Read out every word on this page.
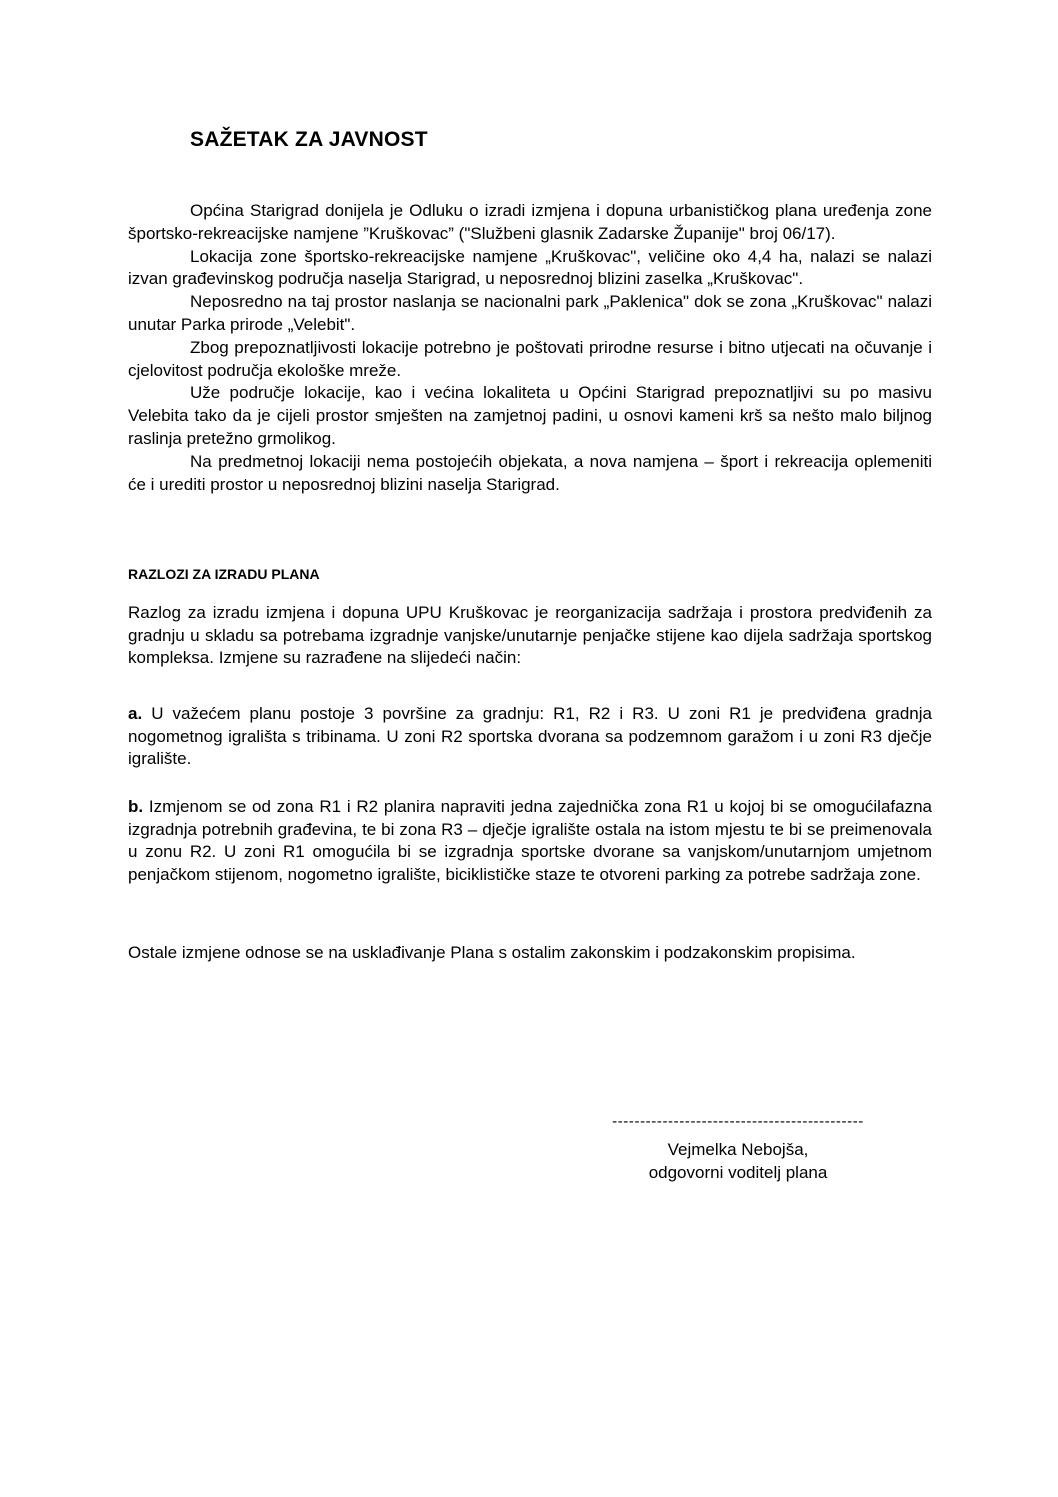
SAŽETAK ZA JAVNOST

Općina Starigrad donijela je Odluku o izradi izmjena i dopuna urbanističkog plana uređenja zone športsko-rekreacijske namjene ”Kruškovac” ("Službeni glasnik Zadarske Županije" broj 06/17).

Lokacija zone športsko-rekreacijske namjene „Kruškovac", veličine oko 4,4 ha, nalazi se nalazi izvan građevinskog područja naselja Starigrad, u neposrednoj blizini zaselka „Kruškovac".

Neposredno na taj prostor naslanja se nacionalni park „Paklenica" dok se zona „Kruškovac" nalazi unutar Parka prirode „Velebit".

Zbog prepoznatljivosti lokacije potrebno je poštovati prirodne resurse i bitno utjecati na očuvanje i cjelovitost područja ekološke mreže.

Uže područje lokacije, kao i većina lokaliteta u Općini Starigrad prepoznatljivi su po masivu Velebita tako da je cijeli prostor smješten na zamjetnoj padini, u osnovi kameni krš sa nešto malo biljnog raslinja pretežno grmolikog.

Na predmetnoj lokaciji nema postojećih objekata, a nova namjena – šport i rekreacija oplemeniti će i urediti prostor u neposrednoj blizini naselja Starigrad.

RAZLOZI ZA IZRADU PLANA

Razlog za izradu izmjena i dopuna UPU Kruškovac je reorganizacija sadržaja i prostora predviđenih za gradnju u skladu sa potrebama izgradnje vanjske/unutarnje penjačke stijene kao dijela sadržaja sportskog kompleksa. Izmjene su razrađene na slijedeći način:

a. U važećem planu postoje 3 površine za gradnju: R1, R2 i R3. U zoni R1 je predviđena gradnja nogometnog igrališta s tribinama. U zoni R2 sportska dvorana sa podzemnom garažom i u zoni R3 dječje igralište.

b. Izmjenom se od zona R1 i R2 planira napraviti jedna zajednička zona R1 u kojoj bi se omogućilafazna izgradnja potrebnih građevina, te bi zona R3 – dječje igralište ostala na istom mjestu te bi se preimenovala u zonu R2. U zoni R1 omogućila bi se izgradnja sportske dvorane sa vanjskom/unutarnjom umjetnom penjačkom stijenom, nogometno igralište, biciklističke staze te otvoreni parking za potrebe sadržaja zone.

Ostale izmjene odnose se na usklađivanje Plana s ostalim zakonskim i podzakonskim propisima.

---------------------------------------------
Vejmelka Nebojša,
odgovorni voditelj plana
